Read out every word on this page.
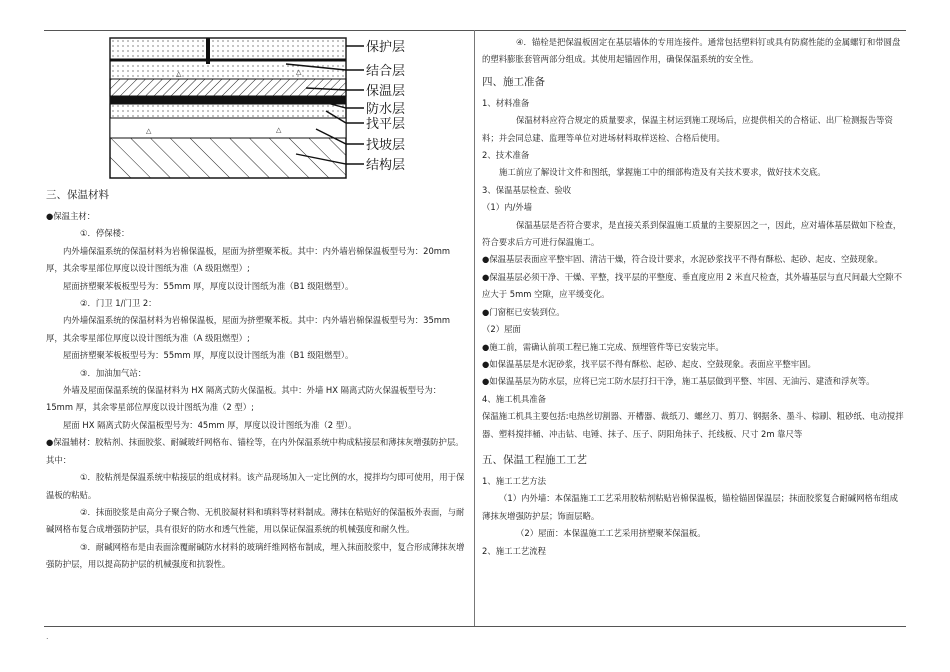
△	△
△	△
保护层
结合层
保温层
防水层
找平层
找坡层
结构层

三、保温材料

●保温主材：

①．停保楼：

内外墙保温系统的保温材料为岩棉保温板，屋面为挤塑聚苯板。其中：内外墙岩棉保温板型号为：20mm 厚，其余零星部位厚度以设计图纸为准（A 级阻燃型）;

屋面挤塑聚苯板板型号为：55mm 厚，厚度以设计图纸为准（B1 级阻燃型）。

②．门卫 1/门卫 2：

内外墙保温系统的保温材料为岩棉保温板，屋面为挤塑聚苯板。其中：内外墙岩棉保温板型号为：35mm 厚，其余零星部位厚度以设计图纸为准（A 级阻燃型）;

屋面挤塑聚苯板板型号为：55mm 厚，厚度以设计图纸为准（B1 级阻燃型）。

③．加油加气站：

外墙及屋面保温系统的保温材料为 HX 隔离式防火保温板。其中：外墙 HX 隔离式防火保温板型号为：15mm 厚，其余零星部位厚度以设计图纸为准（2 型）;

屋面 HX 隔离式防火保温板型号为：45mm 厚，厚度以设计图纸为准（2 型）。

●保温辅材：胶粘剂、抹面胶浆、耐碱玻纤网格布、锚栓等，在内外保温系统中构成粘接层和薄抹灰增强防护层。其中：

①．胶粘剂是保温系统中粘接层的组成材料。该产品现场加入一定比例的水，搅拌均匀即可使用，用于保温板的粘贴。

②．抹面胶浆是由高分子聚合物、无机胶凝材料和填料等材料制成。薄抹在粘贴好的保温板外表面，与耐碱网格布复合成增强防护层，具有很好的防水和透气性能，用以保证保温系统的机械强度和耐久性。

③．耐碱网格布是由表面涂覆耐碱防水材料的玻璃纤维网格布制成，埋入抹面胶浆中，复合形成薄抹灰增强防护层，用以提高防护层的机械强度和抗裂性。

④．锚栓是把保温板固定在基层墙体的专用连接件。通常包括塑料钉或具有防腐性能的金属螺钉和带圆盘的塑料膨胀套管两部分组成。其使用起锚固作用，确保保温系统的安全性。

四、施工准备

1、材料准备

保温材料应符合规定的质量要求，保温主材运到施工现场后，应提供相关的合格证、出厂检测报告等资料；并会同总建、监理等单位对进场材料取样送检、合格后使用。

2、技术准备

施工前应了解设计文件和图纸，掌握施工中的细部构造及有关技术要求，做好技术交底。

3、保温基层检查、验收

（1）内/外墙

保温基层是否符合要求，是直接关系到保温施工质量的主要原因之一，因此，应对墙体基层做如下检查，符合要求后方可进行保温施工。

●保温基层表面应平整牢固、清洁干燥，符合设计要求，水泥砂浆找平不得有酥松、起砂、起皮、空鼓现象。

●保温基层必须干净、干燥、平整，找平层的平整度、垂直度应用 2 米直尺检查，其外墙基层与直尺间最大空隙不应大于 5mm 空隙，应平缓变化。

●门窗框已安装到位。

（2）屋面

●施工前，需确认前项工程已施工完成、预埋管件等已安装完毕。

●如保温基层是水泥砂浆，找平层不得有酥松、起砂、起皮、空鼓现象。表面应平整牢固。

●如保温基层为防水层，应将已完工防水层打扫干净，施工基层做到平整、牢固、无油污、建渣和浮灰等。

4、施工机具准备

保温施工机具主要包括:电热丝切割器、开槽器、裁纸刀、螺丝刀、剪刀、钢据条、墨斗、棕刷、粗砂纸、电动搅拌器、塑料搅拌桶、冲击钻、电锤、抹子、压子、阴阳角抹子、托线板、尺寸 2m 靠尺等

五、保温工程施工工艺

1、施工工艺方法

（1）内外墙：本保温施工工艺采用胶粘剂粘贴岩棉保温板，锚栓锚固保温层；抹面胶浆复合耐碱网格布组成薄抹灰增强防护层；饰面层略。

（2）屋面：本保温施工工艺采用挤塑聚苯保温板。

2、施工工艺流程

.
